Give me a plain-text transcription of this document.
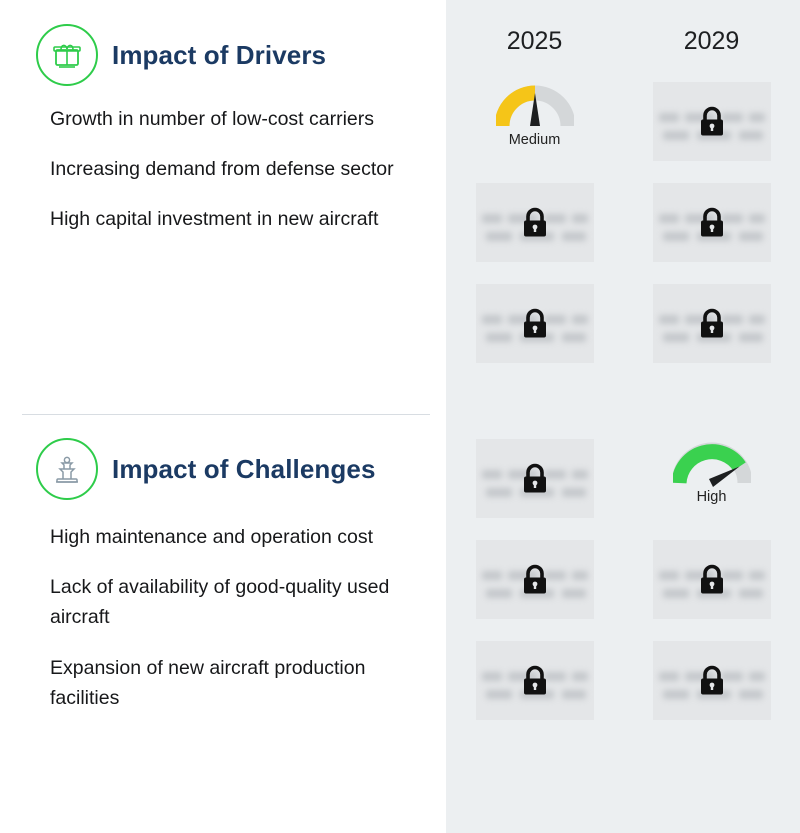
Impact of Drivers
Growth in number of low-cost carriers
Increasing demand from defense sector
High capital investment in new aircraft
Impact of Challenges
High maintenance and operation cost
Lack of availability of good-quality used aircraft
Expansion of new aircraft production facilities
2025	2029
Medium
High
